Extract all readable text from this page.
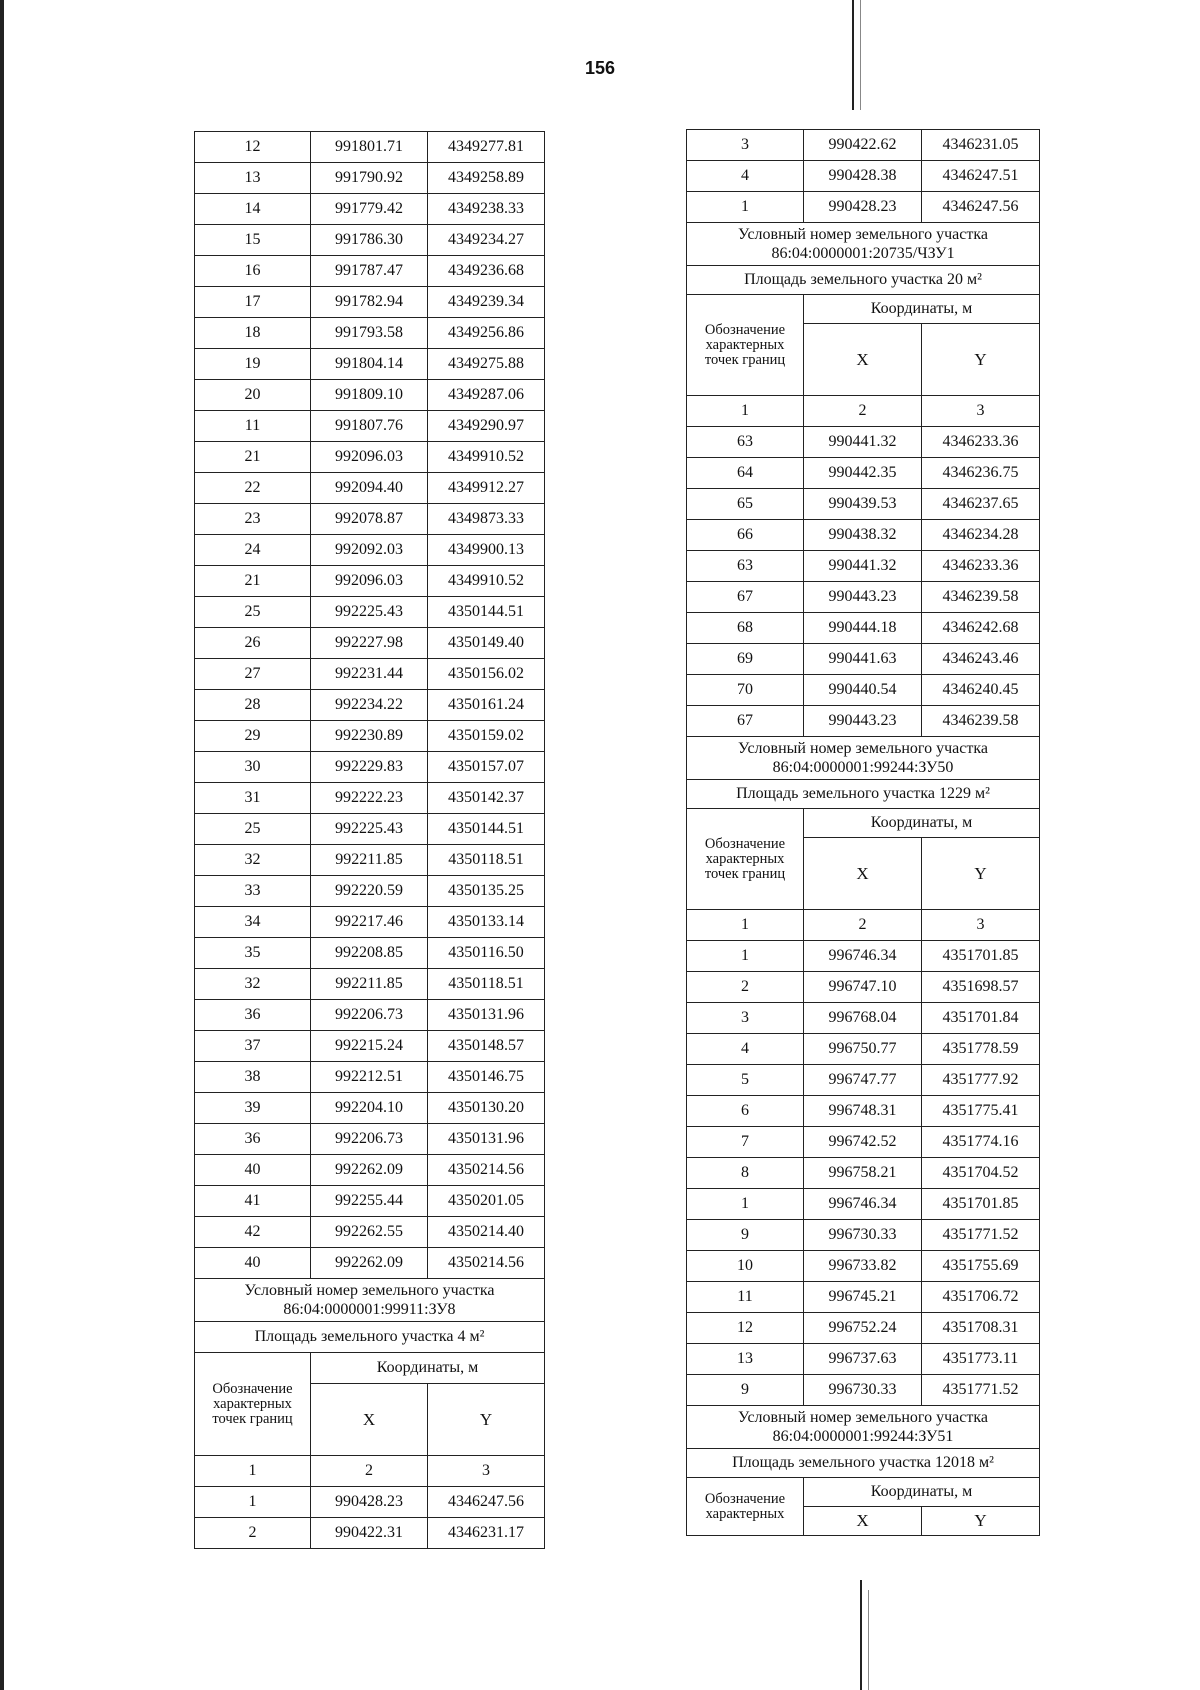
156
12	991801.71	4349277.81
13	991790.92	4349258.89
14	991779.42	4349238.33
15	991786.30	4349234.27
16	991787.47	4349236.68
17	991782.94	4349239.34
18	991793.58	4349256.86
19	991804.14	4349275.88
20	991809.10	4349287.06
11	991807.76	4349290.97
21	992096.03	4349910.52
22	992094.40	4349912.27
23	992078.87	4349873.33
24	992092.03	4349900.13
21	992096.03	4349910.52
25	992225.43	4350144.51
26	992227.98	4350149.40
27	992231.44	4350156.02
28	992234.22	4350161.24
29	992230.89	4350159.02
30	992229.83	4350157.07
31	992222.23	4350142.37
25	992225.43	4350144.51
32	992211.85	4350118.51
33	992220.59	4350135.25
34	992217.46	4350133.14
35	992208.85	4350116.50
32	992211.85	4350118.51
36	992206.73	4350131.96
37	992215.24	4350148.57
38	992212.51	4350146.75
39	992204.10	4350130.20
36	992206.73	4350131.96
40	992262.09	4350214.56
41	992255.44	4350201.05
42	992262.55	4350214.40
40	992262.09	4350214.56

Условный номер земельного участка
86:04:0000001:99911:ЗУ8		

Площадь земельного участка 4 м²		
Обозначение характерных точек границ	Координаты, м	
	X	Y
1	2	3
1	990428.23	4346247.56
2	990422.31	4346231.17
3	990422.62	4346231.05
4	990428.38	4346247.51
1	990428.23	4346247.56

Условный номер земельного участка
86:04:0000001:20735/ЧЗУ1		

Площадь земельного участка 20 м²		
Обозначение характерных точек границ	Координаты, м	
	X	Y
1	2	3
63	990441.32	4346233.36
64	990442.35	4346236.75
65	990439.53	4346237.65
66	990438.32	4346234.28
63	990441.32	4346233.36
67	990443.23	4346239.58
68	990444.18	4346242.68
69	990441.63	4346243.46
70	990440.54	4346240.45
67	990443.23	4346239.58

Условный номер земельного участка
86:04:0000001:99244:ЗУ50		

Площадь земельного участка 1229 м²		
Обозначение характерных точек границ	Координаты, м	
	X	Y
1	2	3
1	996746.34	4351701.85
2	996747.10	4351698.57
3	996768.04	4351701.84
4	996750.77	4351778.59
5	996747.77	4351777.92
6	996748.31	4351775.41
7	996742.52	4351774.16
8	996758.21	4351704.52
1	996746.34	4351701.85
9	996730.33	4351771.52
10	996733.82	4351755.69
11	996745.21	4351706.72
12	996752.24	4351708.31
13	996737.63	4351773.11
9	996730.33	4351771.52

Условный номер земельного участка
86:04:0000001:99244:ЗУ51		

Площадь земельного участка 12018 м²		
Обозначение характерных	Координаты, м	
	X	Y
